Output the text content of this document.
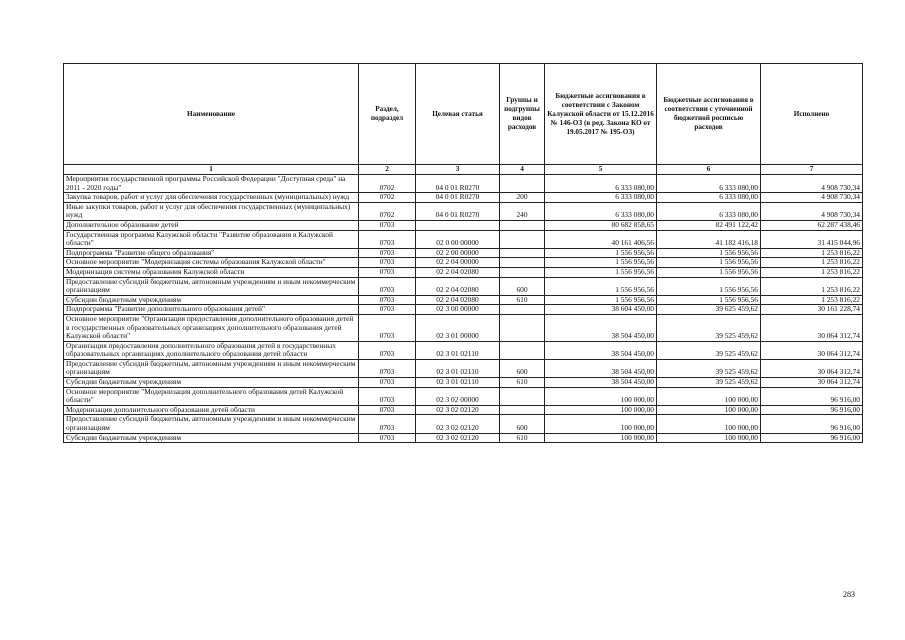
Наименование	Раздел, подраздел	Целевая статья	Группы и подгруппы видов расходов	Бюджетные ассигнования в соответствии с Законом Калужской области от 15.12.2016 № 146-ОЗ (в ред. Закона КО от 19.05.2017 № 195-ОЗ)	Бюджетные ассигнования в соответствии с уточненной бюджетной росписью расходов	Исполнено
1	2	3	4	5	6	7
Мероприятия государственной программы Российской Федерации "Доступная среда" на 2011 - 2020 годы"	0702	04 0 01 R0270		6 333 080,00	6 333 080,00	4 908 730,34
Закупка товаров, работ и услуг для обеспечения государственных (муниципальных) нужд	0702	04 0 01 R0270	200	6 333 080,00	6 333 080,00	4 908 730,34
Иные закупки товаров, работ и услуг для обеспечения государственных (муниципальных) нужд	0702	04 0 01 R0270	240	6 333 080,00	6 333 080,00	4 908 730,34
Дополнительное образование детей	0703			80 682 858,65	82 491 122,42	62 287 438,46
Государственная программа Калужской области "Развитие образования в Калужской области"	0703	02 0 00 00000		40 161 406,56	41 182 416,18	31 415 044,96
Подпрограмма "Развитие общего образования"	0703	02 2 00 00000		1 556 956,56	1 556 956,56	1 253 816,22
Основное мероприятие "Модернизация системы образования Калужской области"	0703	02 2 04 00000		1 556 956,56	1 556 956,56	1 253 816,22
Модернизация системы образования Калужской области	0703	02 2 04 02080		1 556 956,56	1 556 956,56	1 253 816,22
Предоставление субсидий бюджетным, автономным учреждениям и иным некоммерческим организациям	0703	02 2 04 02080	600	1 556 956,56	1 556 956,56	1 253 816,22
Субсидии бюджетным учреждениям	0703	02 2 04 02080	610	1 556 956,56	1 556 956,56	1 253 816,22
Подпрограмма "Развитие дополнительного образования детей"	0703	02 3 00 00000		38 604 450,00	39 625 459,62	30 161 228,74
Основное мероприятие "Организация предоставления дополнительного образования детей в государственных образовательных организациях дополнительного образования детей Калужской области"	0703	02 3 01 00000		38 504 450,00	39 525 459,62	30 064 312,74
Организация предоставления дополнительного образования детей в государственных образовательных организациях дополнительного образования детей области	0703	02 3 01 02110		38 504 450,00	39 525 459,62	30 064 312,74
Предоставление субсидий бюджетным, автономным учреждениям и иным некоммерческим организациям	0703	02 3 01 02110	600	38 504 450,00	39 525 459,62	30 064 312,74
Субсидии бюджетным учреждениям	0703	02 3 01 02110	610	38 504 450,00	39 525 459,62	30 064 312,74
Основное мероприятие "Модернизация дополнительного образования детей Калужской области"	0703	02 3 02 00000		100 000,00	100 000,00	96 916,00
Модернизация дополнительного образования детей области	0703	02 3 02 02120		100 000,00	100 000,00	96 916,00
Предоставление субсидий бюджетным, автономным учреждениям и иным некоммерческим организациям	0703	02 3 02 02120	600	100 000,00	100 000,00	96 916,00
Субсидии бюджетным учреждениям	0703	02 3 02 02120	610	100 000,00	100 000,00	96 916,00
283
